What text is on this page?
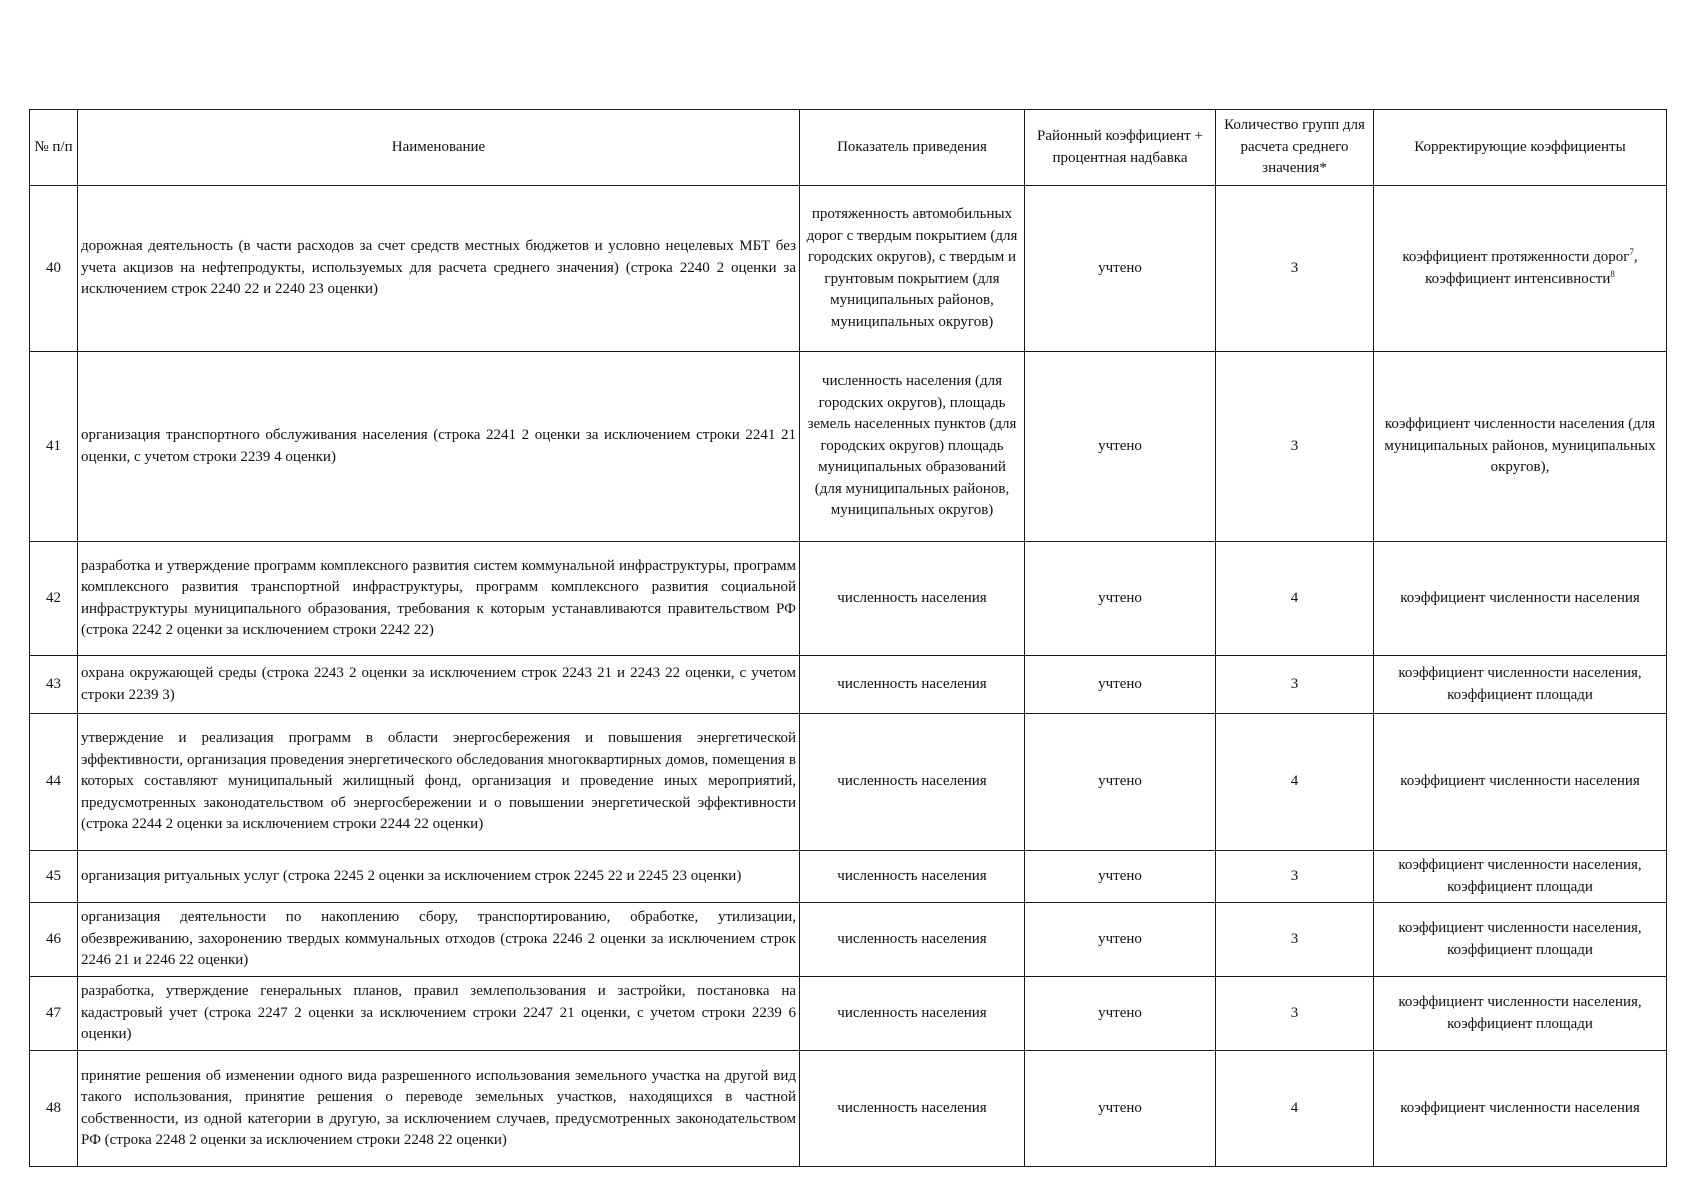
№ п/п	Наименование	Показатель приведения	Районный коэффициент + процентная надбавка	Количество групп для расчета среднего значения*	Корректирующие коэффициенты
40	дорожная деятельность (в части расходов за счет средств местных бюджетов и условно нецелевых МБТ без учета акцизов на нефтепродукты, используемых для расчета среднего значения) (строка 2240 2 оценки за исключением строк 2240 22 и 2240 23 оценки)	протяженность автомобильных дорог с твердым покрытием (для городских округов), с твердым и грунтовым покрытием (для муниципальных районов, муниципальных округов)	учтено	3	коэффициент протяженности дорог$^7$, коэффициент интенсивности$^8$
41	организация транспортного обслуживания населения (строка 2241 2 оценки за исключением строки 2241 21 оценки, с учетом строки 2239 4 оценки)	численность населения (для городских округов), площадь земель населенных пунктов (для городских округов) площадь муниципальных образований (для муниципальных районов, муниципальных округов)	учтено	3	коэффициент численности населения (для муниципальных районов, муниципальных округов),
42	разработка и утверждение программ комплексного развития систем коммунальной инфраструктуры, программ комплексного развития транспортной инфраструктуры, программ комплексного развития социальной инфраструктуры муниципального образования, требования к которым устанавливаются правительством РФ (строка 2242 2 оценки за исключением строки 2242 22)	численность населения	учтено	4	коэффициент численности населения
43	охрана окружающей среды (строка 2243 2 оценки за исключением строк 2243 21 и 2243 22 оценки, с учетом строки 2239 3)	численность населения	учтено	3	коэффициент численности населения, коэффициент площади
44	утверждение и реализация программ в области энергосбережения и повышения энергетической эффективности, организация проведения энергетического обследования многоквартирных домов, помещения в которых составляют муниципальный жилищный фонд, организация и проведение иных мероприятий, предусмотренных законодательством об энергосбережении и о повышении энергетической эффективности (строка 2244 2 оценки за исключением строки 2244 22 оценки)	численность населения	учтено	4	коэффициент численности населения
45	организация ритуальных услуг (строка 2245 2 оценки за исключением строк 2245 22 и 2245 23 оценки)	численность населения	учтено	3	коэффициент численности населения, коэффициент площади
46	организация деятельности по накоплению сбору, транспортированию, обработке, утилизации, обезвреживанию, захоронению твердых коммунальных отходов (строка 2246 2 оценки за исключением строк 2246 21 и 2246 22 оценки)	численность населения	учтено	3	коэффициент численности населения, коэффициент площади
47	разработка, утверждение генеральных планов, правил землепользования и застройки, постановка на кадастровый учет (строка 2247 2 оценки за исключением строки 2247 21 оценки, с учетом строки 2239 6 оценки)	численность населения	учтено	3	коэффициент численности населения, коэффициент площади
48	принятие решения об изменении одного вида разрешенного использования земельного участка на другой вид такого использования, принятие решения о переводе земельных участков, находящихся в частной собственности, из одной категории в другую, за исключением случаев, предусмотренных законодательством РФ (строка 2248 2 оценки за исключением строки 2248 22 оценки)	численность населения	учтено	4	коэффициент численности населения
